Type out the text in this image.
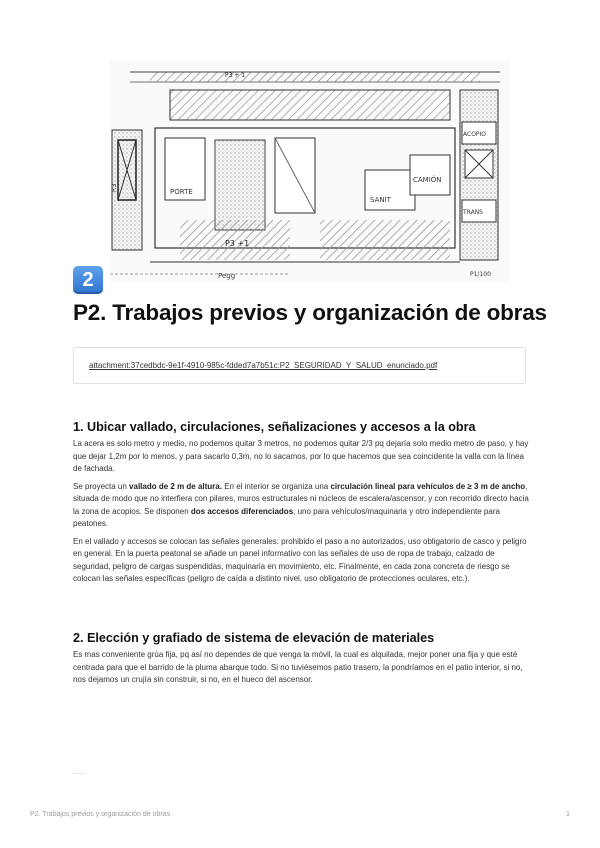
PORTE
SANIT
CAMIÓN
ACOPIO
TRANS
P3 +1
P3 + 1
P.3
Pegg	P1/100
2
P2. Trabajos previos y organización de obras
attachment:37cedbdc-9e1f-4910-985c-fdded7a7b51c:P2_SEGURIDAD_Y_SALUD_enunciado.pdf
1. Ubicar vallado, circulaciones, señalizaciones y accesos a la obra

La acera es solo metro y medio, no podemos quitar 3 metros, no podemos quitar 2/3 pq dejaría solo medio metro de paso, y hay que dejar 1,2m por lo menos, y para sacarlo 0,3m, no lo sacamos, por lo que hacemos que sea coincidente la valla con la línea de fachada.

Se proyecta un vallado de 2 m de altura. En el interior se organiza una circulación lineal para vehículos de ≥ 3 m de ancho, situada de modo que no interfiera con pilares, muros estructurales ni núcleos de escalera/ascensor, y con recorrido directo hacia la zona de acopios. Se disponen dos accesos diferenciados, uno para vehículos/maquinaria y otro independiente para peatones.

En el vallado y accesos se colocan las señales generales: prohibido el paso a no autorizados, uso obligatorio de casco y peligro en general. En la puerta peatonal se añade un panel informativo con las señales de uso de ropa de trabajo, calzado de seguridad, peligro de cargas suspendidas, maquinaria en movimiento, etc. Finalmente, en cada zona concreta de riesgo se colocan las señales específicas (peligro de caída a distinto nivel, uso obligatorio de protecciones oculares, etc.).

2. Elección y grafiado de sistema de elevación de materiales

Es mas conveniente grúa fija, pq así no dependes de que venga la móvil, la cual es alquilada, mejor poner una fija y que esté centrada para que el barrido de la pluma abarque todo. Si no tuviésemos patio trasero, la pondríamos en el patio interior, si no, nos dejamos un crujía sin construir, si no, en el hueco del ascensor.

P2. Trabajos previos y organización de obras	1
